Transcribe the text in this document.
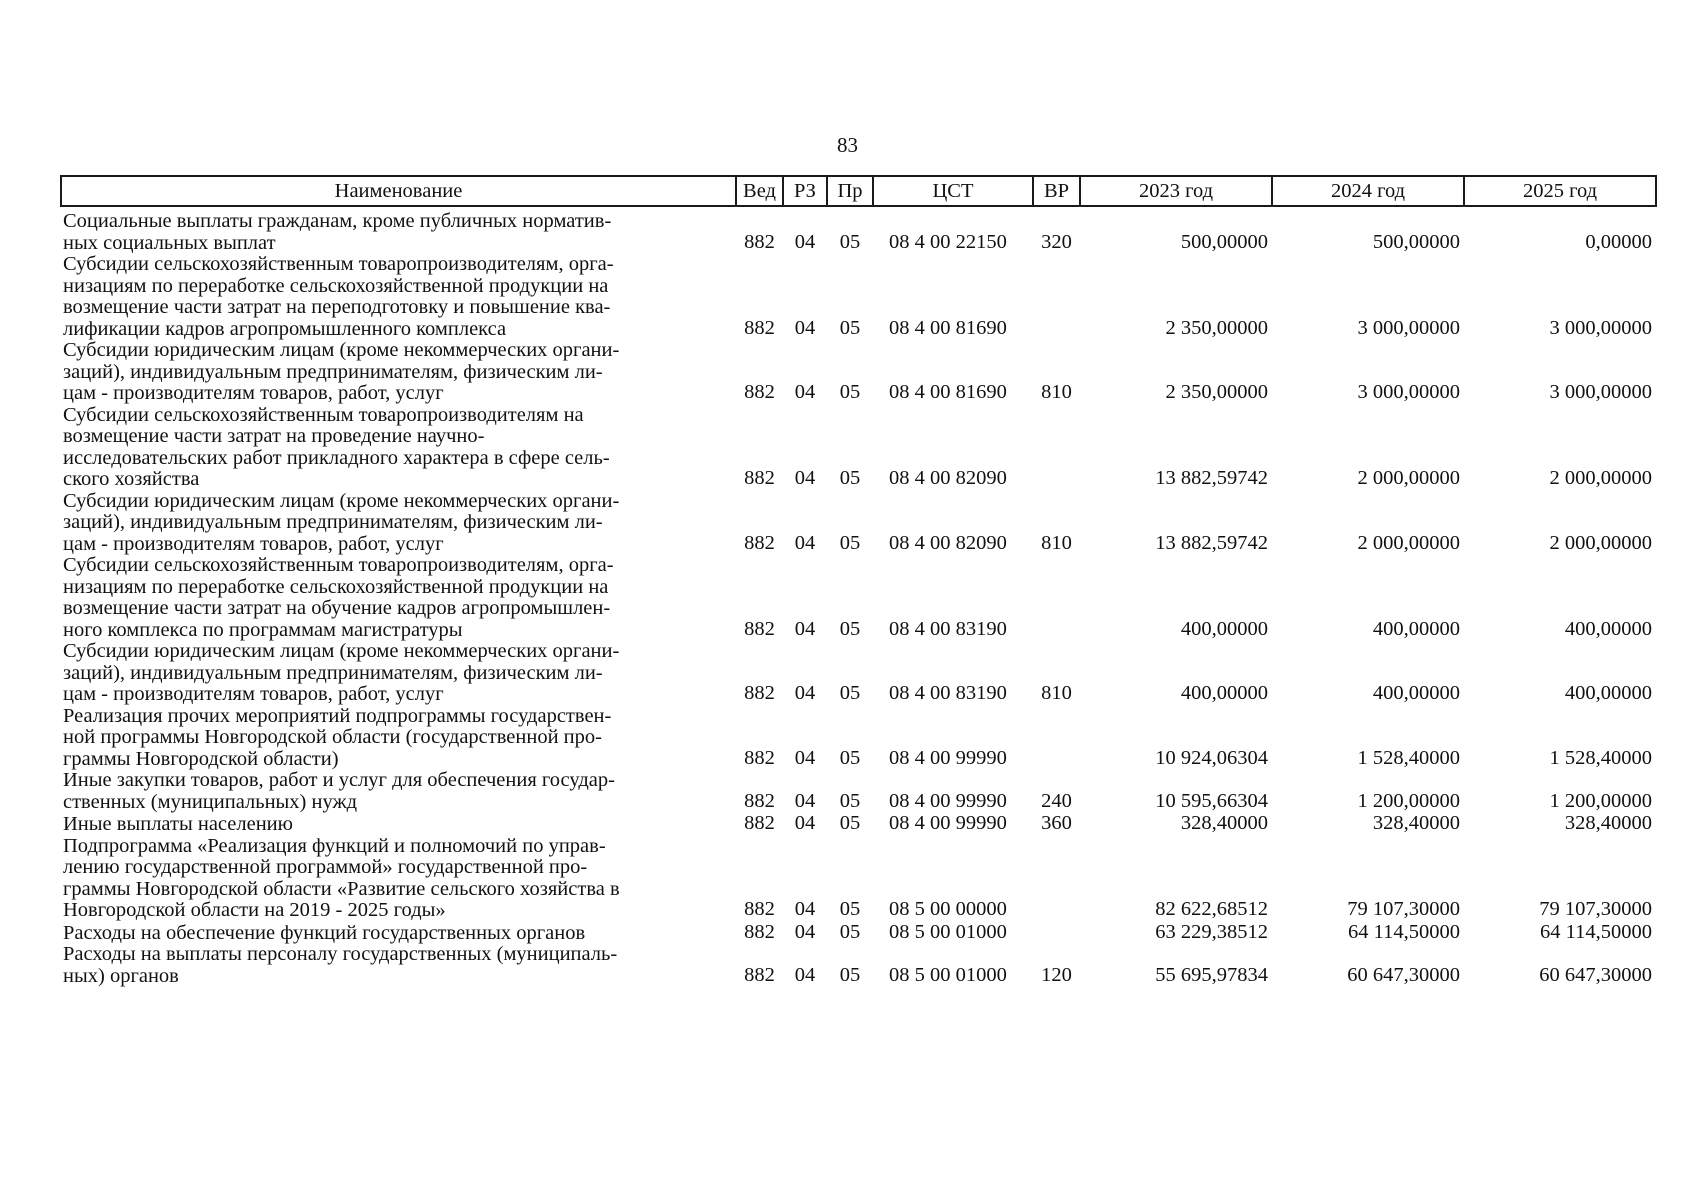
83
Наименование	Вед	РЗ	Пр	ЦСТ	ВР	2023 год	2024 год	2025 год
Социальные выплаты гражданам, кроме публичных норматив-
ных социальных выплат	882	04	05	08 4 00 22150	320	500,00000	500,00000	0,00000
Субсидии сельскохозяйственным товаропроизводителям, орга-
низациям по переработке сельскохозяйственной продукции на
возмещение части затрат на переподготовку и повышение ква-
лификации кадров агропромышленного комплекса	882	04	05	08 4 00 81690		2 350,00000	3 000,00000	3 000,00000
Субсидии юридическим лицам (кроме некоммерческих органи-
заций), индивидуальным предпринимателям, физическим ли-
цам - производителям товаров, работ, услуг	882	04	05	08 4 00 81690	810	2 350,00000	3 000,00000	3 000,00000
Субсидии сельскохозяйственным товаропроизводителям на
возмещение части затрат на проведение научно-
исследовательских работ прикладного характера в сфере сель-
ского хозяйства	882	04	05	08 4 00 82090		13 882,59742	2 000,00000	2 000,00000
Субсидии юридическим лицам (кроме некоммерческих органи-
заций), индивидуальным предпринимателям, физическим ли-
цам - производителям товаров, работ, услуг	882	04	05	08 4 00 82090	810	13 882,59742	2 000,00000	2 000,00000
Субсидии сельскохозяйственным товаропроизводителям, орга-
низациям по переработке сельскохозяйственной продукции на
возмещение части затрат на обучение кадров агропромышлен-
ного комплекса по программам магистратуры	882	04	05	08 4 00 83190		400,00000	400,00000	400,00000
Субсидии юридическим лицам (кроме некоммерческих органи-
заций), индивидуальным предпринимателям, физическим ли-
цам - производителям товаров, работ, услуг	882	04	05	08 4 00 83190	810	400,00000	400,00000	400,00000
Реализация прочих мероприятий подпрограммы государствен-
ной программы Новгородской области (государственной про-
граммы Новгородской области)	882	04	05	08 4 00 99990		10 924,06304	1 528,40000	1 528,40000
Иные закупки товаров, работ и услуг для обеспечения государ-
ственных (муниципальных) нужд	882	04	05	08 4 00 99990	240	10 595,66304	1 200,00000	1 200,00000
Иные выплаты населению	882	04	05	08 4 00 99990	360	328,40000	328,40000	328,40000
Подпрограмма «Реализация функций и полномочий по управ-
лению государственной программой» государственной про-
граммы Новгородской области «Развитие сельского хозяйства в
Новгородской области на 2019 - 2025 годы»	882	04	05	08 5 00 00000		82 622,68512	79 107,30000	79 107,30000
Расходы на обеспечение функций государственных органов	882	04	05	08 5 00 01000		63 229,38512	64 114,50000	64 114,50000
Расходы на выплаты персоналу государственных (муниципаль-
ных) органов	882	04	05	08 5 00 01000	120	55 695,97834	60 647,30000	60 647,30000
